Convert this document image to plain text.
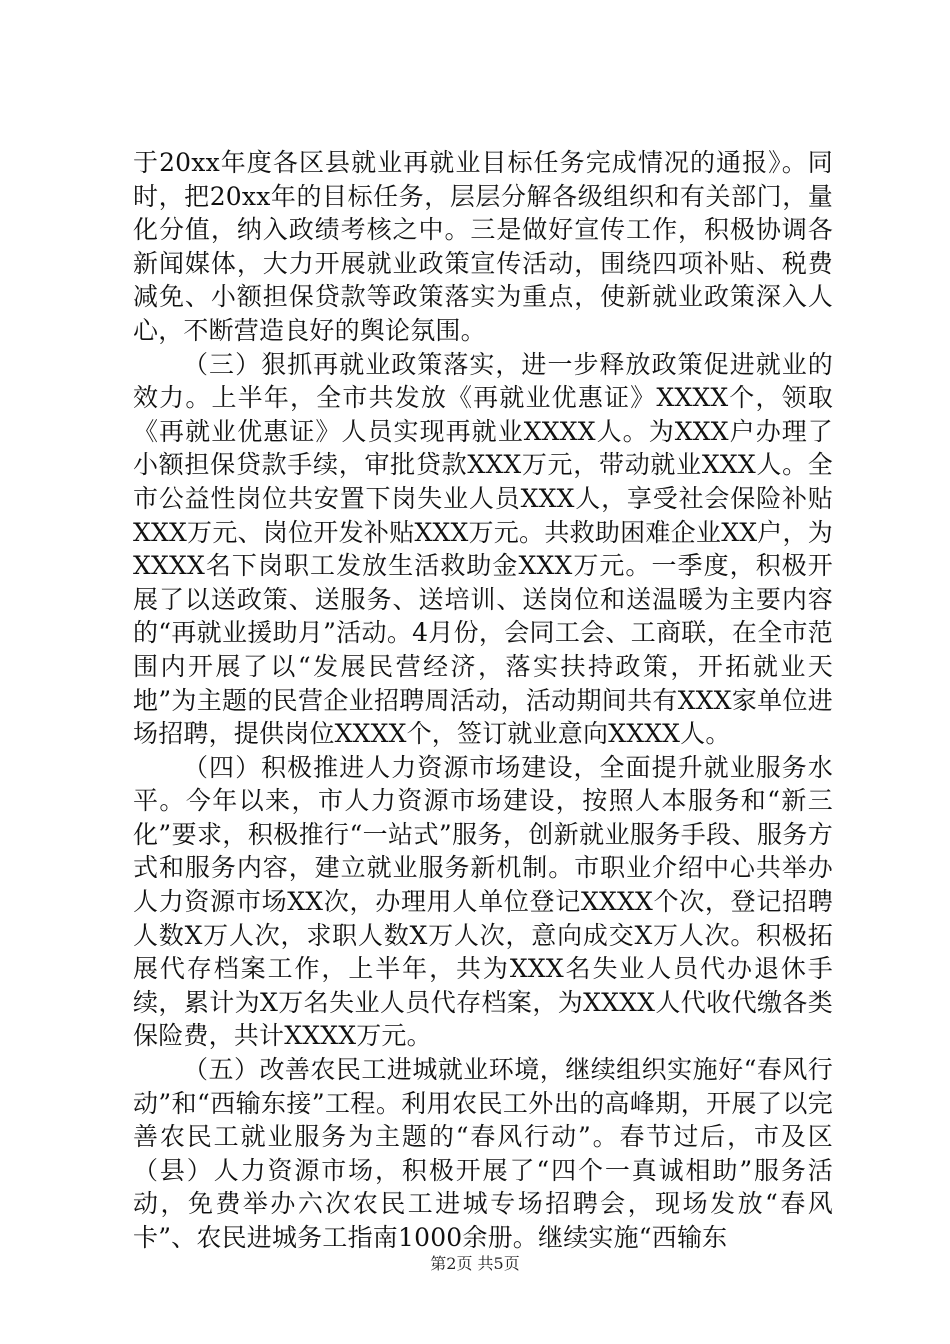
于20xx年度各区县就业再就业目标任务完成情况的通报》。同时，把20xx年的目标任务，层层分解各级组织和有关部门，量化分值，纳入政绩考核之中。三是做好宣传工作，积极协调各新闻媒体，大力开展就业政策宣传活动，围绕四项补贴、税费减免、小额担保贷款等政策落实为重点，使新就业政策深入人心，不断营造良好的舆论氛围。

（三）狠抓再就业政策落实，进一步释放政策促进就业的效力。上半年，全市共发放《再就业优惠证》XXXX个，领取《再就业优惠证》人员实现再就业XXXX人。为XXX户办理了小额担保贷款手续，审批贷款XXX万元，带动就业XXX人。全市公益性岗位共安置下岗失业人员XXX人，享受社会保险补贴XXX万元、岗位开发补贴XXX万元。共救助困难企业XX户，为XXXX名下岗职工发放生活救助金XXX万元。一季度，积极开展了以送政策、送服务、送培训、送岗位和送温暖为主要内容的“再就业援助月”活动。4月份，会同工会、工商联，在全市范围内开展了以“发展民营经济，落实扶持政策，开拓就业天地”为主题的民营企业招聘周活动，活动期间共有XXX家单位进场招聘，提供岗位XXXX个，签订就业意向XXXX人。

（四）积极推进人力资源市场建设，全面提升就业服务水平。今年以来，市人力资源市场建设，按照人本服务和“新三化”要求，积极推行“一站式”服务，创新就业服务手段、服务方式和服务内容，建立就业服务新机制。市职业介绍中心共举办人力资源市场XX次，办理用人单位登记XXXX个次，登记招聘人数X万人次，求职人数X万人次，意向成交X万人次。积极拓展代存档案工作，上半年，共为XXX名失业人员代办退休手续，累计为X万名失业人员代存档案，为XXXX人代收代缴各类保险费，共计XXXX万元。

（五）改善农民工进城就业环境，继续组织实施好“春风行动”和“西输东接”工程。利用农民工外出的高峰期，开展了以完善农民工就业服务为主题的“春风行动”。春节过后，市及区（县）人力资源市场，积极开展了“四个一真诚相助”服务活动，免费举办六次农民工进城专场招聘会，现场发放“春风卡”、农民进城务工指南1000余册。继续实施“西输东

第2页 共5页
